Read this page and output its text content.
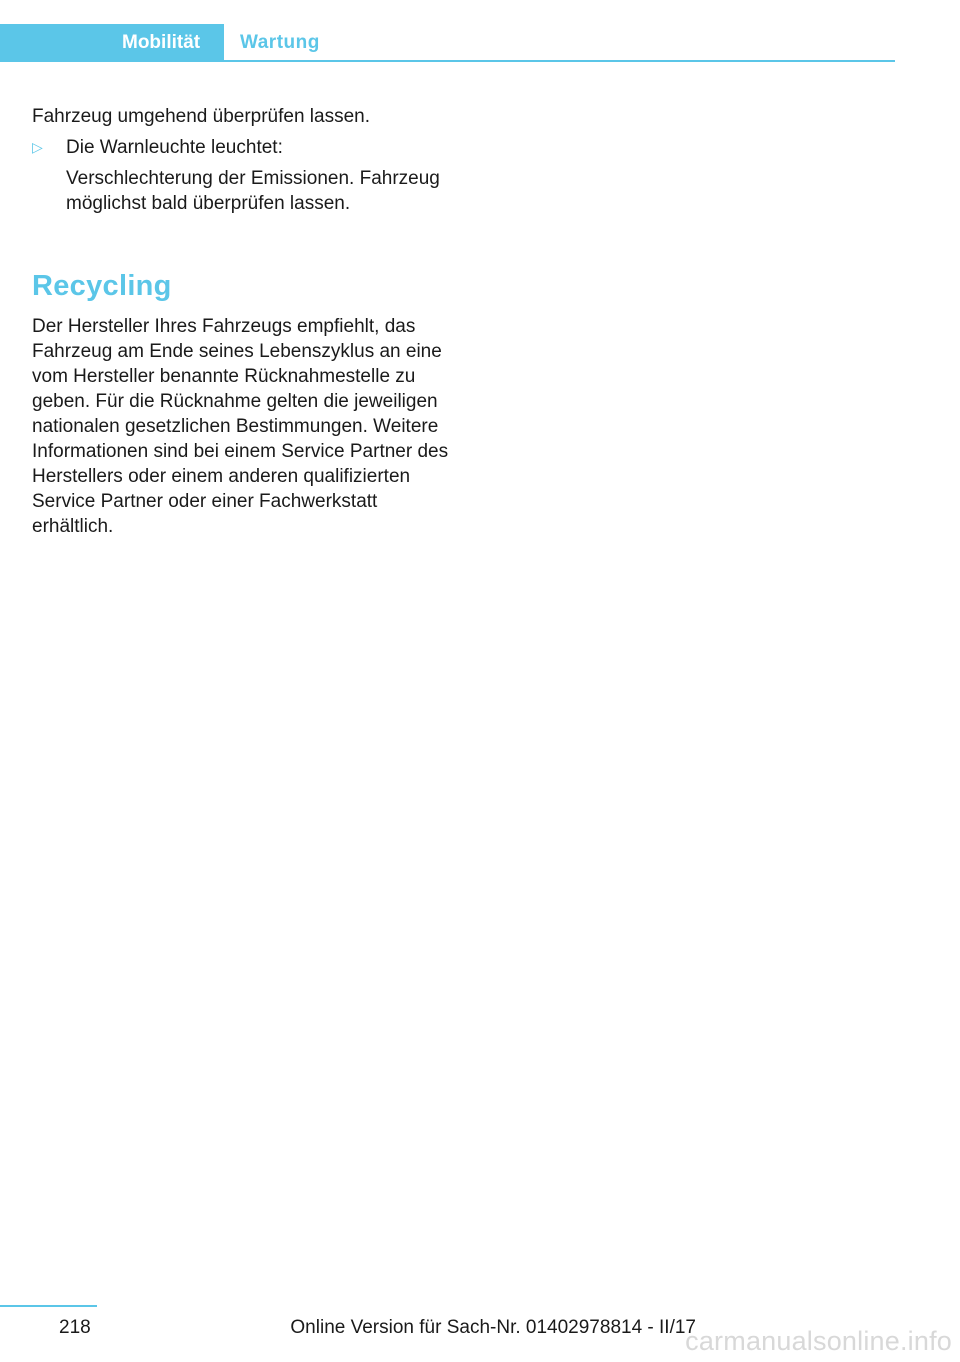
Mobilität	Wartung

Fahrzeug umgehend überprüfen lassen.

▷	Die Warnleuchte leuchtet:

Verschlechterung der Emissionen. Fahrzeug möglichst bald überprüfen lassen.

Recycling

Der Hersteller Ihres Fahrzeugs empfiehlt, das Fahrzeug am Ende seines Lebenszyklus an eine vom Hersteller benannte Rücknahmestelle zu geben. Für die Rücknahme gelten die jeweiligen nationalen gesetzlichen Bestimmungen. Weitere Informationen sind bei einem Service Partner des Herstellers oder einem anderen qualifizierten Service Partner oder einer Fachwerkstatt erhältlich.

218	Online Version für Sach-Nr. 01402978814 - II/17
carmanualsonline.info
